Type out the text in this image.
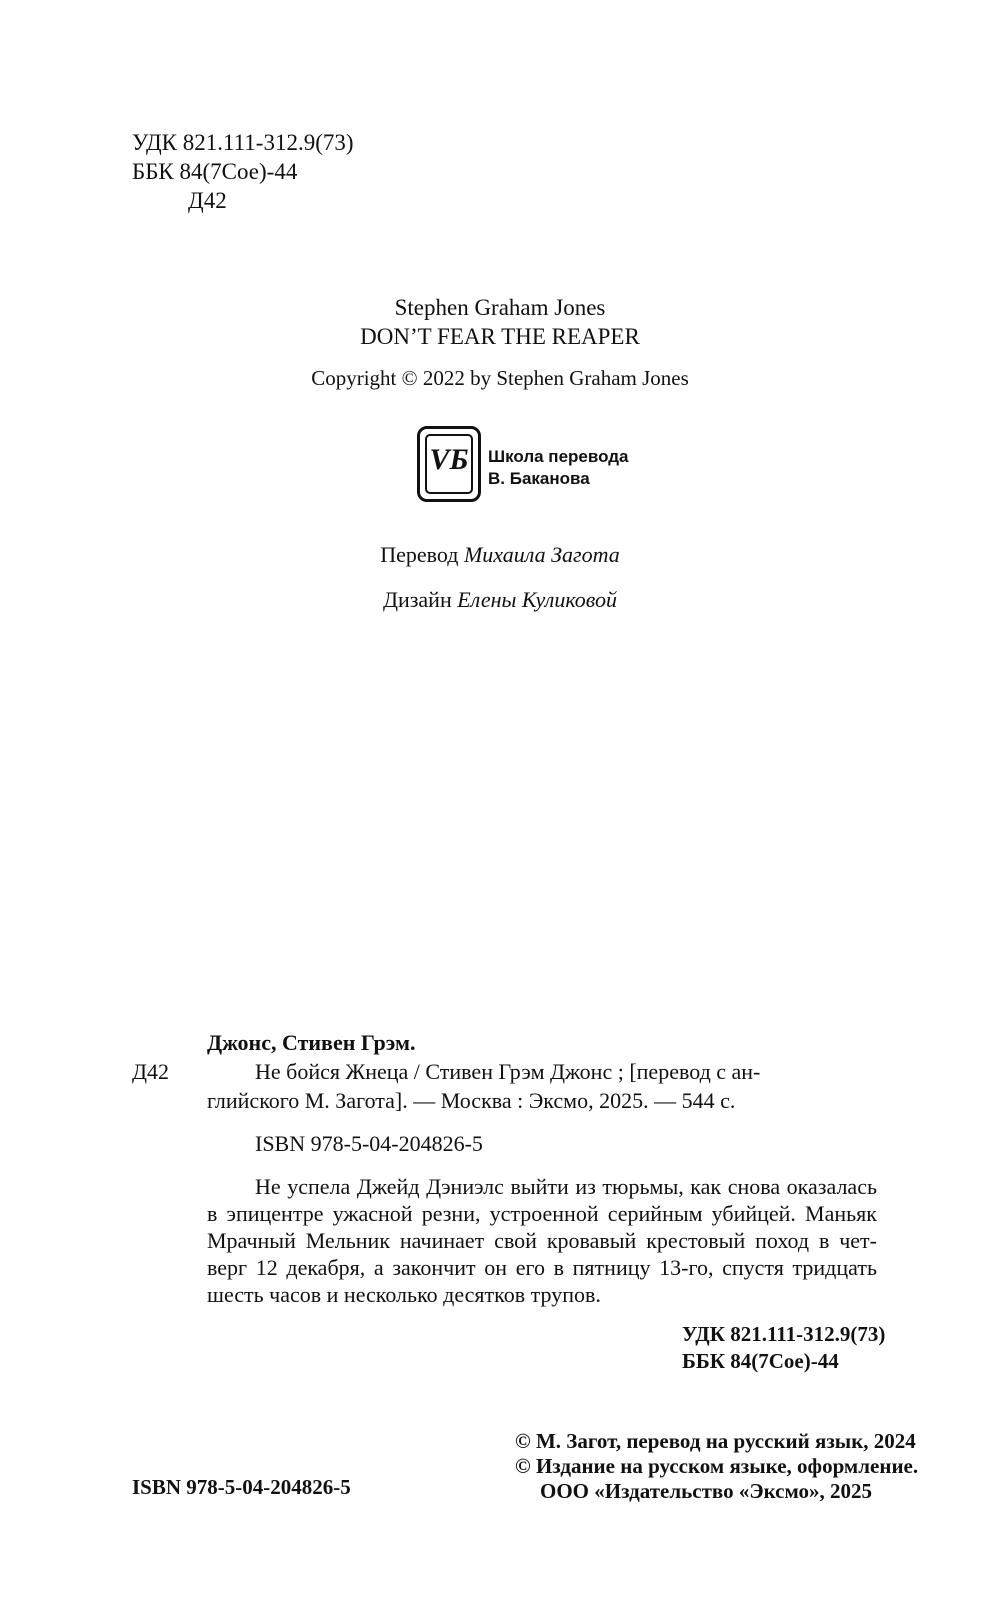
УДК 821.111-312.9(73)
ББК 84(7Сое)-44
Д42
Stephen Graham Jones
DON’T FEAR THE REAPER
Copyright © 2022 by Stephen Graham Jones
VБ Школа перевода
В. Баканова
Перевод Михаила Загота
Дизайн Елены Куликовой
Джонс, Стивен Грэм.
Д42	Не бойся Жнеца / Стивен Грэм Джонс ; [перевод с ан-
глийского М. Загота]. — Москва : Эксмо, 2025. — 544 с.
ISBN 978-5-04-204826-5
Не успела Джейд Дэниэлс выйти из тюрьмы, как снова оказалась
в эпицентре ужасной резни, устроенной серийным убийцей. Маньяк
Мрачный Мельник начинает свой кровавый крестовый поход в чет-
верг 12 декабря, а закончит он его в пятницу 13-го, спустя тридцать
шесть часов и несколько десятков трупов.
УДК 821.111-312.9(73)
ББК 84(7Сое)-44
ISBN 978-5-04-204826-5
© М. Загот, перевод на русский язык, 2024
© Издание на русском языке, оформление.
ООО «Издательство «Эксмо», 2025
